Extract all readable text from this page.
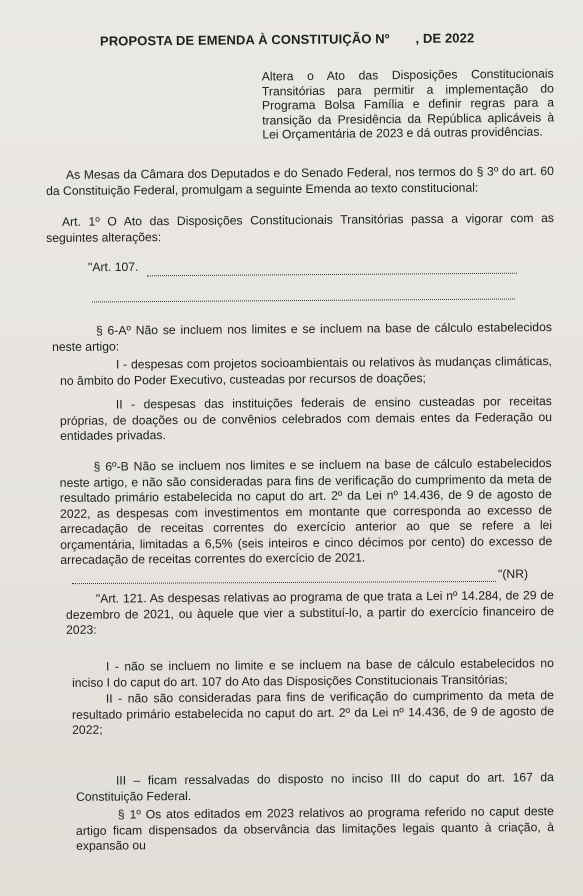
PROPOSTA DE EMENDA À CONSTITUIÇÃO Nº       , DE 2022
Altera o Ato das Disposições Constitucionais Transitórias para permitir a implementação do Programa Bolsa Família e definir regras para a transição da Presidência da República aplicáveis à Lei Orçamentária de 2023 e dá outras providências.
As Mesas da Câmara dos Deputados e do Senado Federal, nos termos do § 3º do art. 60 da Constituição Federal, promulgam a seguinte Emenda ao texto constitucional:
Art. 1º O Ato das Disposições Constitucionais Transitórias passa a vigorar com as seguintes alterações:
"Art. 107.
§ 6-Aº Não se incluem nos limites e se incluem na base de cálculo estabelecidos neste artigo:
I - despesas com projetos socioambientais ou relativos às mudanças climáticas, no âmbito do Poder Executivo, custeadas por recursos de doações;
II - despesas das instituições federais de ensino custeadas por receitas próprias, de doações ou de convênios celebrados com demais entes da Federação ou entidades privadas.
§ 6º-B Não se incluem nos limites e se incluem na base de cálculo estabelecidos neste artigo, e não são consideradas para fins de verificação do cumprimento da meta de resultado primário estabelecida no caput do art. 2º da Lei nº 14.436, de 9 de agosto de 2022, as despesas com investimentos em montante que corresponda ao excesso de arrecadação de receitas correntes do exercício anterior ao que se refere a lei orçamentária, limitadas a 6,5% (seis inteiros e cinco décimos por cento) do excesso de arrecadação de receitas correntes do exercício de 2021.
"(NR)
"Art. 121. As despesas relativas ao programa de que trata a Lei nº 14.284, de 29 de dezembro de 2021, ou àquele que vier a substituí-lo, a partir do exercício financeiro de 2023:
I - não se incluem no limite e se incluem na base de cálculo estabelecidos no inciso I do caput do art. 107 do Ato das Disposições Constitucionais Transitórias;
II - não são consideradas para fins de verificação do cumprimento da meta de resultado primário estabelecida no caput do art. 2º da Lei nº 14.436, de 9 de agosto de 2022;
III – ficam ressalvadas do disposto no inciso III do caput do art. 167 da Constituição Federal.
§ 1º Os atos editados em 2023 relativos ao programa referido no caput deste artigo ficam dispensados da observância das limitações legais quanto à criação, à expansão ou
